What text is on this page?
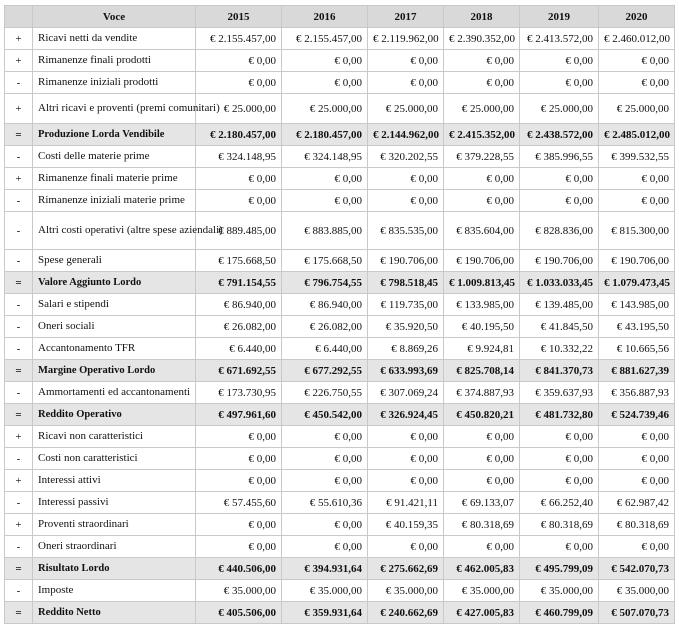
	Voce	2015	2016	2017	2018	2019	2020
+	Ricavi netti da vendite	€ 2.155.457,00	€ 2.155.457,00	€ 2.119.962,00	€ 2.390.352,00	€ 2.413.572,00	€ 2.460.012,00
+	Rimanenze finali prodotti	€ 0,00	€ 0,00	€ 0,00	€ 0,00	€ 0,00	€ 0,00
-	Rimanenze iniziali prodotti	€ 0,00	€ 0,00	€ 0,00	€ 0,00	€ 0,00	€ 0,00
+	Altri ricavi e proventi (premi comunitari)	€ 25.000,00	€ 25.000,00	€ 25.000,00	€ 25.000,00	€ 25.000,00	€ 25.000,00
=	Produzione Lorda Vendibile	€ 2.180.457,00	€ 2.180.457,00	€ 2.144.962,00	€ 2.415.352,00	€ 2.438.572,00	€ 2.485.012,00
-	Costi delle materie prime	€ 324.148,95	€ 324.148,95	€ 320.202,55	€ 379.228,55	€ 385.996,55	€ 399.532,55
+	Rimanenze finali materie prime	€ 0,00	€ 0,00	€ 0,00	€ 0,00	€ 0,00	€ 0,00
-	Rimanenze iniziali materie prime	€ 0,00	€ 0,00	€ 0,00	€ 0,00	€ 0,00	€ 0,00
-	Altri costi operativi (altre spese aziendali)	€ 889.485,00	€ 883.885,00	€ 835.535,00	€ 835.604,00	€ 828.836,00	€ 815.300,00
-	Spese generali	€ 175.668,50	€ 175.668,50	€ 190.706,00	€ 190.706,00	€ 190.706,00	€ 190.706,00
=	Valore Aggiunto Lordo	€ 791.154,55	€ 796.754,55	€ 798.518,45	€ 1.009.813,45	€ 1.033.033,45	€ 1.079.473,45
-	Salari e stipendi	€ 86.940,00	€ 86.940,00	€ 119.735,00	€ 133.985,00	€ 139.485,00	€ 143.985,00
-	Oneri sociali	€ 26.082,00	€ 26.082,00	€ 35.920,50	€ 40.195,50	€ 41.845,50	€ 43.195,50
-	Accantonamento TFR	€ 6.440,00	€ 6.440,00	€ 8.869,26	€ 9.924,81	€ 10.332,22	€ 10.665,56
=	Margine Operativo Lordo	€ 671.692,55	€ 677.292,55	€ 633.993,69	€ 825.708,14	€ 841.370,73	€ 881.627,39
-	Ammortamenti ed accantonamenti	€ 173.730,95	€ 226.750,55	€ 307.069,24	€ 374.887,93	€ 359.637,93	€ 356.887,93
=	Reddito Operativo	€ 497.961,60	€ 450.542,00	€ 326.924,45	€ 450.820,21	€ 481.732,80	€ 524.739,46
+	Ricavi non caratteristici	€ 0,00	€ 0,00	€ 0,00	€ 0,00	€ 0,00	€ 0,00
-	Costi non caratteristici	€ 0,00	€ 0,00	€ 0,00	€ 0,00	€ 0,00	€ 0,00
+	Interessi attivi	€ 0,00	€ 0,00	€ 0,00	€ 0,00	€ 0,00	€ 0,00
-	Interessi passivi	€ 57.455,60	€ 55.610,36	€ 91.421,11	€ 69.133,07	€ 66.252,40	€ 62.987,42
+	Proventi straordinari	€ 0,00	€ 0,00	€ 40.159,35	€ 80.318,69	€ 80.318,69	€ 80.318,69
-	Oneri straordinari	€ 0,00	€ 0,00	€ 0,00	€ 0,00	€ 0,00	€ 0,00
=	Risultato Lordo	€ 440.506,00	€ 394.931,64	€ 275.662,69	€ 462.005,83	€ 495.799,09	€ 542.070,73
-	Imposte	€ 35.000,00	€ 35.000,00	€ 35.000,00	€ 35.000,00	€ 35.000,00	€ 35.000,00
=	Reddito Netto	€ 405.506,00	€ 359.931,64	€ 240.662,69	€ 427.005,83	€ 460.799,09	€ 507.070,73
